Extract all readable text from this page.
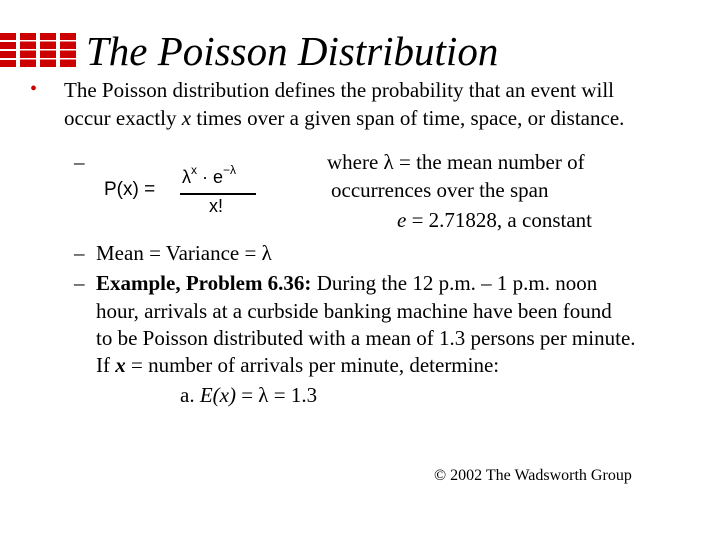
The Poisson Distribution
• The Poisson distribution defines the probability that an event will
occur exactly x times over a given span of time, space, or distance.
–
P(x) =
$\lambda^x \cdot e^{-\lambda}$
x!
where λ = the mean number of
occurrences over the span
e = 2.71828, a constant
– Mean = Variance = λ
– Example, Problem 6.36: During the 12 p.m. – 1 p.m. noon
hour, arrivals at a curbside banking machine have been found
to be Poisson distributed with a mean of 1.3 persons per minute.
If x = number of arrivals per minute, determine:
a. E(x) = λ = 1.3
© 2002 The Wadsworth Group
